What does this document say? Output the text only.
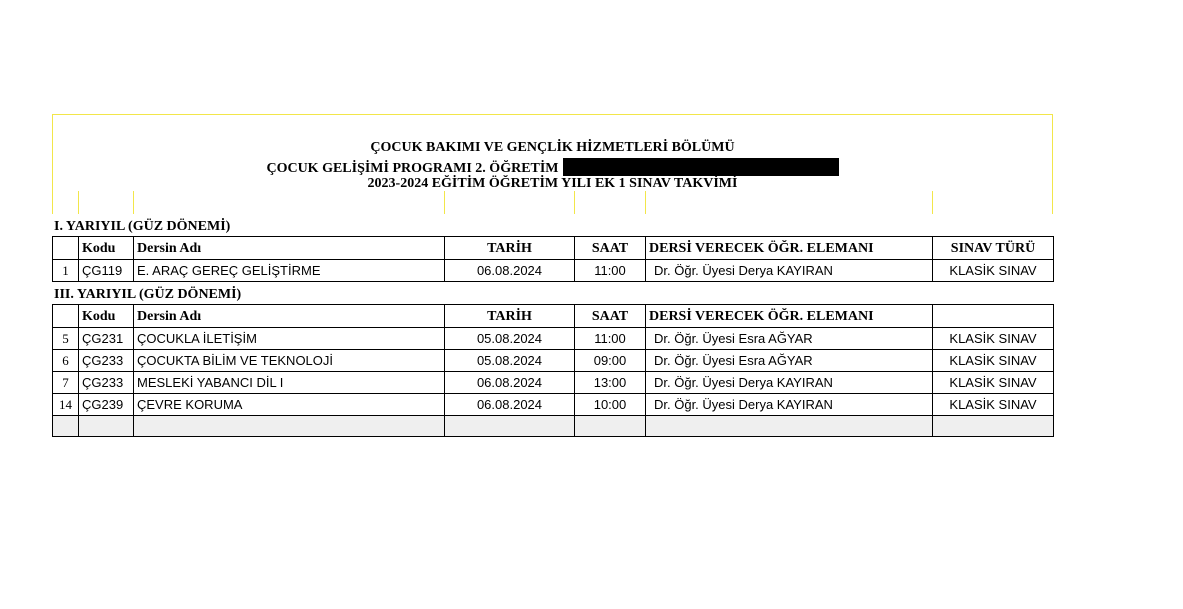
ÇOCUK BAKIMI VE GENÇLİK HİZMETLERİ BÖLÜMÜ
ÇOCUK GELİŞİMİ PROGRAMI 2. ÖĞRETİM
2023-2024 EĞİTİM ÖĞRETİM YILI EK 1 SINAV TAKVİMİ
I. YARIYIL (GÜZ DÖNEMİ)
	Kodu	Dersin Adı	TARİH	SAAT	DERSİ VERECEK ÖĞR. ELEMANI	SINAV TÜRÜ
1	ÇG119	E. ARAÇ GEREÇ GELİŞTİRME	06.08.2024	11:00	Dr. Öğr. Üyesi Derya KAYIRAN	KLASİK SINAV
III. YARIYIL (GÜZ DÖNEMİ)
	Kodu	Dersin Adı	TARİH	SAAT	DERSİ VERECEK ÖĞR. ELEMANI	
5	ÇG231	ÇOCUKLA İLETİŞİM	05.08.2024	11:00	Dr. Öğr. Üyesi Esra AĞYAR	KLASİK SINAV
6	ÇG233	ÇOCUKTA BİLİM VE TEKNOLOJİ	05.08.2024	09:00	Dr. Öğr. Üyesi Esra AĞYAR	KLASİK SINAV
7	ÇG233	MESLEKİ YABANCI DİL I	06.08.2024	13:00	Dr. Öğr. Üyesi Derya KAYIRAN	KLASİK SINAV
14	ÇG239	ÇEVRE KORUMA	06.08.2024	10:00	Dr. Öğr. Üyesi Derya KAYIRAN	KLASİK SINAV
